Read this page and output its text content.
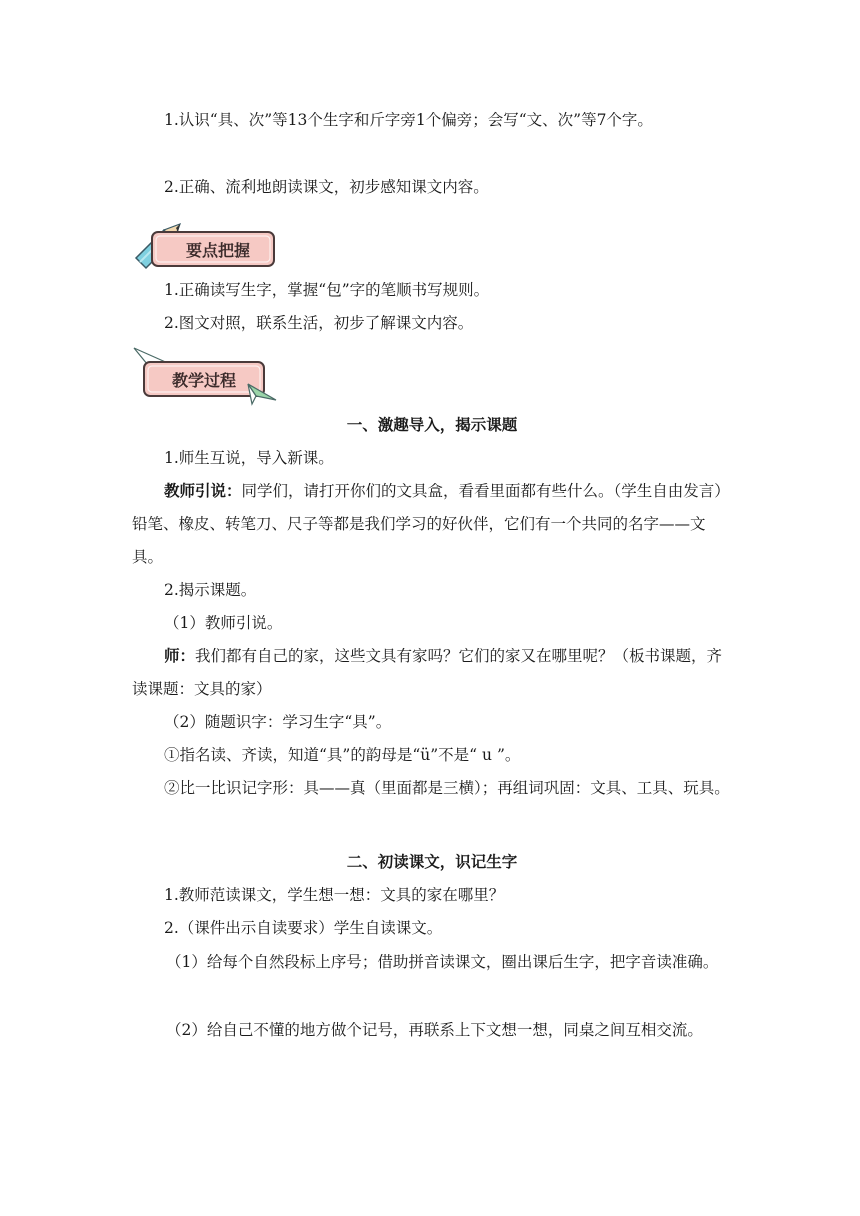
1.认识“具、次”等13个生字和斤字旁1个偏旁；会写“文、次”等7个字。

2.正确、流利地朗读课文，初步感知课文内容。

要点把握

1.正确读写生字，掌握“包”字的笔顺书写规则。

2.图文对照，联系生活，初步了解课文内容。

教学过程

一、激趣导入，揭示课题

1.师生互说，导入新课。

教师引说：同学们，请打开你们的文具盒，看看里面都有些什么。（学生自由发言）铅笔、橡皮、转笔刀、尺子等都是我们学习的好伙伴，它们有一个共同的名字——文具。

2.揭示课题。

（1）教师引说。

师：我们都有自己的家，这些文具有家吗？它们的家又在哪里呢？（板书课题，齐读课题：文具的家）

（2）随题识字：学习生字“具”。

①指名读、齐读，知道“具”的韵母是“ü”不是“ u ”。

②比一比识记字形：具——真（里面都是三横）；再组词巩固：文具、工具、玩具。

二、初读课文，识记生字

1.教师范读课文，学生想一想：文具的家在哪里？

2.（课件出示自读要求）学生自读课文。

（1）给每个自然段标上序号；借助拼音读课文，圈出课后生字，把字音读准确。

（2）给自己不懂的地方做个记号，再联系上下文想一想，同桌之间互相交流。
